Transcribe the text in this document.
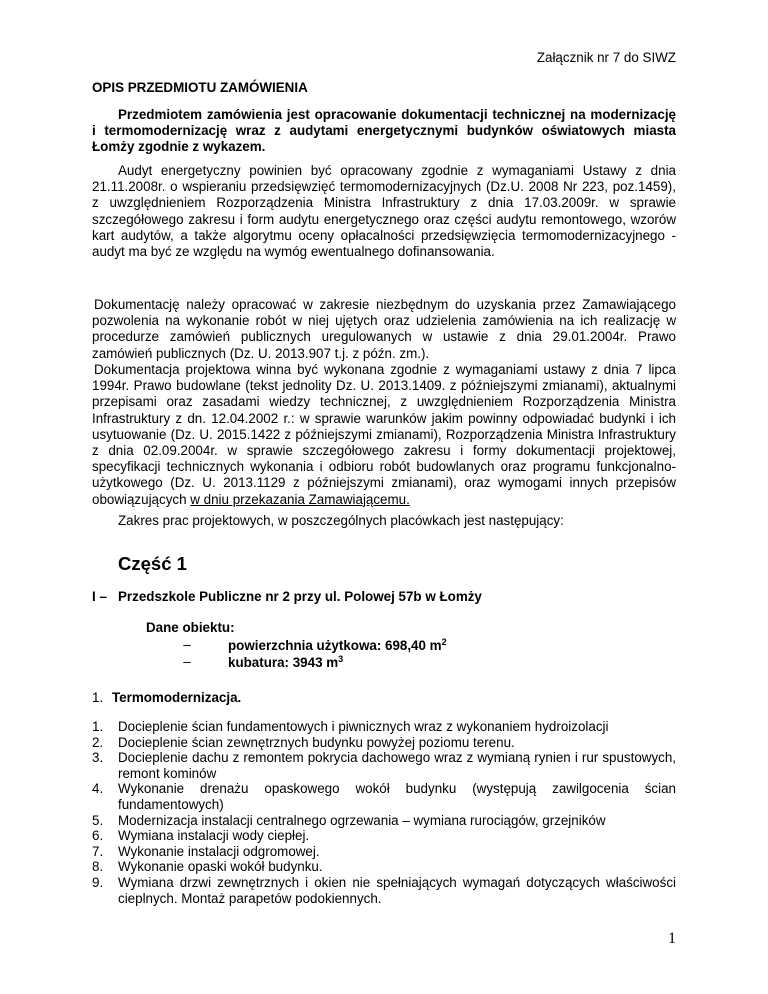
Załącznik nr 7 do SIWZ
OPIS PRZEDMIOTU ZAMÓWIENIA
Przedmiotem zamówienia jest opracowanie dokumentacji technicznej na modernizację i termomodernizację wraz z audytami energetycznymi budynków oświatowych miasta Łomży zgodnie z wykazem.
Audyt energetyczny powinien być opracowany zgodnie z wymaganiami Ustawy z dnia 21.11.2008r. o wspieraniu przedsięwzięć termomodernizacyjnych (Dz.U. 2008 Nr 223, poz.1459), z uwzględnieniem Rozporządzenia Ministra Infrastruktury z dnia 17.03.2009r. w sprawie szczegółowego zakresu i form audytu energetycznego oraz części audytu remontowego, wzorów kart audytów, a także algorytmu oceny opłacalności przedsięwzięcia termomodernizacyjnego - audyt ma być ze względu na wymóg ewentualnego dofinansowania.
Dokumentację należy opracować w zakresie niezbędnym do uzyskania przez Zamawiającego pozwolenia na wykonanie robót w niej ujętych oraz udzielenia zamówienia na ich realizację w procedurze zamówień publicznych uregulowanych w ustawie z dnia 29.01.2004r. Prawo zamówień publicznych (Dz. U. 2013.907 t.j. z późn. zm.).
Dokumentacja projektowa winna być wykonana zgodnie z wymaganiami ustawy z dnia 7 lipca 1994r. Prawo budowlane (tekst jednolity Dz. U. 2013.1409. z późniejszymi zmianami), aktualnymi przepisami oraz zasadami wiedzy technicznej, z uwzględnieniem Rozporządzenia Ministra Infrastruktury z dn. 12.04.2002 r.: w sprawie warunków jakim powinny odpowiadać budynki i ich usytuowanie (Dz. U. 2015.1422 z późniejszymi zmianami), Rozporządzenia Ministra Infrastruktury z dnia 02.09.2004r. w sprawie szczegółowego zakresu i formy dokumentacji projektowej, specyfikacji technicznych wykonania i odbioru robót budowlanych oraz programu funkcjonalno-użytkowego (Dz. U. 2013.1129 z późniejszymi zmianami), oraz wymogami innych przepisów obowiązujących w dniu przekazania Zamawiającemu.
Zakres prac projektowych, w poszczególnych placówkach jest następujący:
Część 1
I – Przedszkole Publiczne nr 2 przy ul. Polowej 57b w Łomży
Dane obiektu:
–	powierzchnia użytkowa: 698,40 $m^2$
–	kubatura: 3943 $m^3$
1. Termomodernizacja.
1.	Docieplenie ścian fundamentowych i piwnicznych wraz z wykonaniem hydroizolacji
2.	Docieplenie ścian zewnętrznych budynku powyżej poziomu terenu.
3.	Docieplenie dachu z remontem pokrycia dachowego wraz z wymianą rynien i rur spustowych, remont kominów
4.	Wykonanie drenażu opaskowego wokół budynku (występują zawilgocenia ścian fundamentowych)
5.	Modernizacja instalacji centralnego ogrzewania – wymiana rurociągów, grzejników
6.	Wymiana instalacji wody ciepłej.
7.	Wykonanie instalacji odgromowej.
8.	Wykonanie opaski wokół budynku.
9.	Wymiana drzwi zewnętrznych i okien nie spełniających wymagań dotyczących właściwości cieplnych. Montaż parapetów podokiennych.
1
